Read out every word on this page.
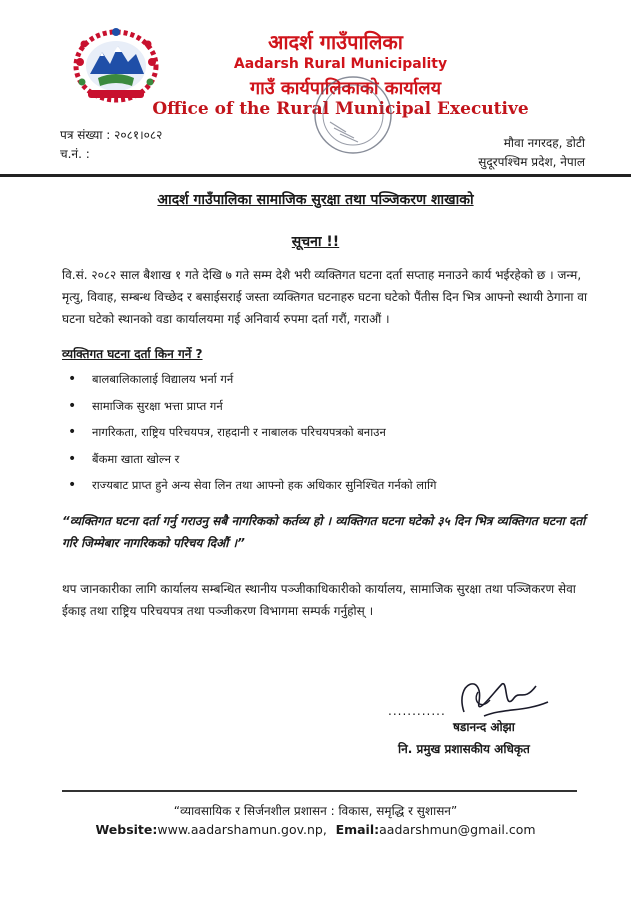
आदर्श गाउँपालिका
Aadarsh Rural Municipality
गाउँ कार्यपालिकाको कार्यालय
Office of the Rural Municipal Executive
पत्र संख्या : २०८१।०८२
च.नं. :
मौवा नगरदह, डोटी
सुदूरपश्चिम प्रदेश, नेपाल
आदर्श गाउँपालिका सामाजिक सुरक्षा तथा पञ्जिकरण शाखाको
सूचना !!
वि.सं. २०८२ साल बैशाख १ गते देखि ७ गते सम्म देशै भरी व्यक्तिगत घटना दर्ता सप्ताह मनाउने कार्य भईरहेको छ । जन्म, मृत्यु, विवाह, सम्बन्ध विच्छेद र बसाईसराई जस्ता व्यक्तिगत घटनाहरु घटना घटेको पैंतीस दिन भित्र आफ्नो स्थायी ठेगाना वा घटना घटेको स्थानको वडा कार्यालयमा गई अनिवार्य रुपमा दर्ता गरौं, गराऔं ।
व्यक्तिगत घटना दर्ता किन गर्ने ?
• बालबालिकालाई विद्यालय भर्ना गर्न
• सामाजिक सुरक्षा भत्ता प्राप्त गर्न
• नागरिकता, राष्ट्रिय परिचयपत्र, राहदानी र नाबालक परिचयपत्रको बनाउन
• बैंकमा खाता खोल्न र
• राज्यबाट प्राप्त हुने अन्य सेवा लिन तथा आफ्नो हक अधिकार सुनिश्चित गर्नको लागि
“व्यक्तिगत घटना दर्ता गर्नु गराउनु सबै नागरिकको कर्तव्य हो । व्यक्तिगत घटना घटेको ३५ दिन भित्र व्यक्तिगत घटना दर्ता गरि जिम्मेबार नागरिकको परिचय दिऔं ।”
थप जानकारीका लागि कार्यालय सम्बन्धित स्थानीय पञ्जीकाधिकारीको कार्यालय, सामाजिक सुरक्षा तथा पञ्जिकरण सेवा ईकाइ तथा राष्ट्रिय परिचयपत्र तथा पञ्जीकरण विभागमा सम्पर्क गर्नुहोस् ।
............
षडानन्द ओझा
नि. प्रमुख प्रशासकीय अधिकृत
“व्यावसायिक र सिर्जनशील प्रशासन : विकास, समृद्धि र सुशासन”
Website:www.aadarshamun.gov.np, Email:aadarshmun@gmail.com
